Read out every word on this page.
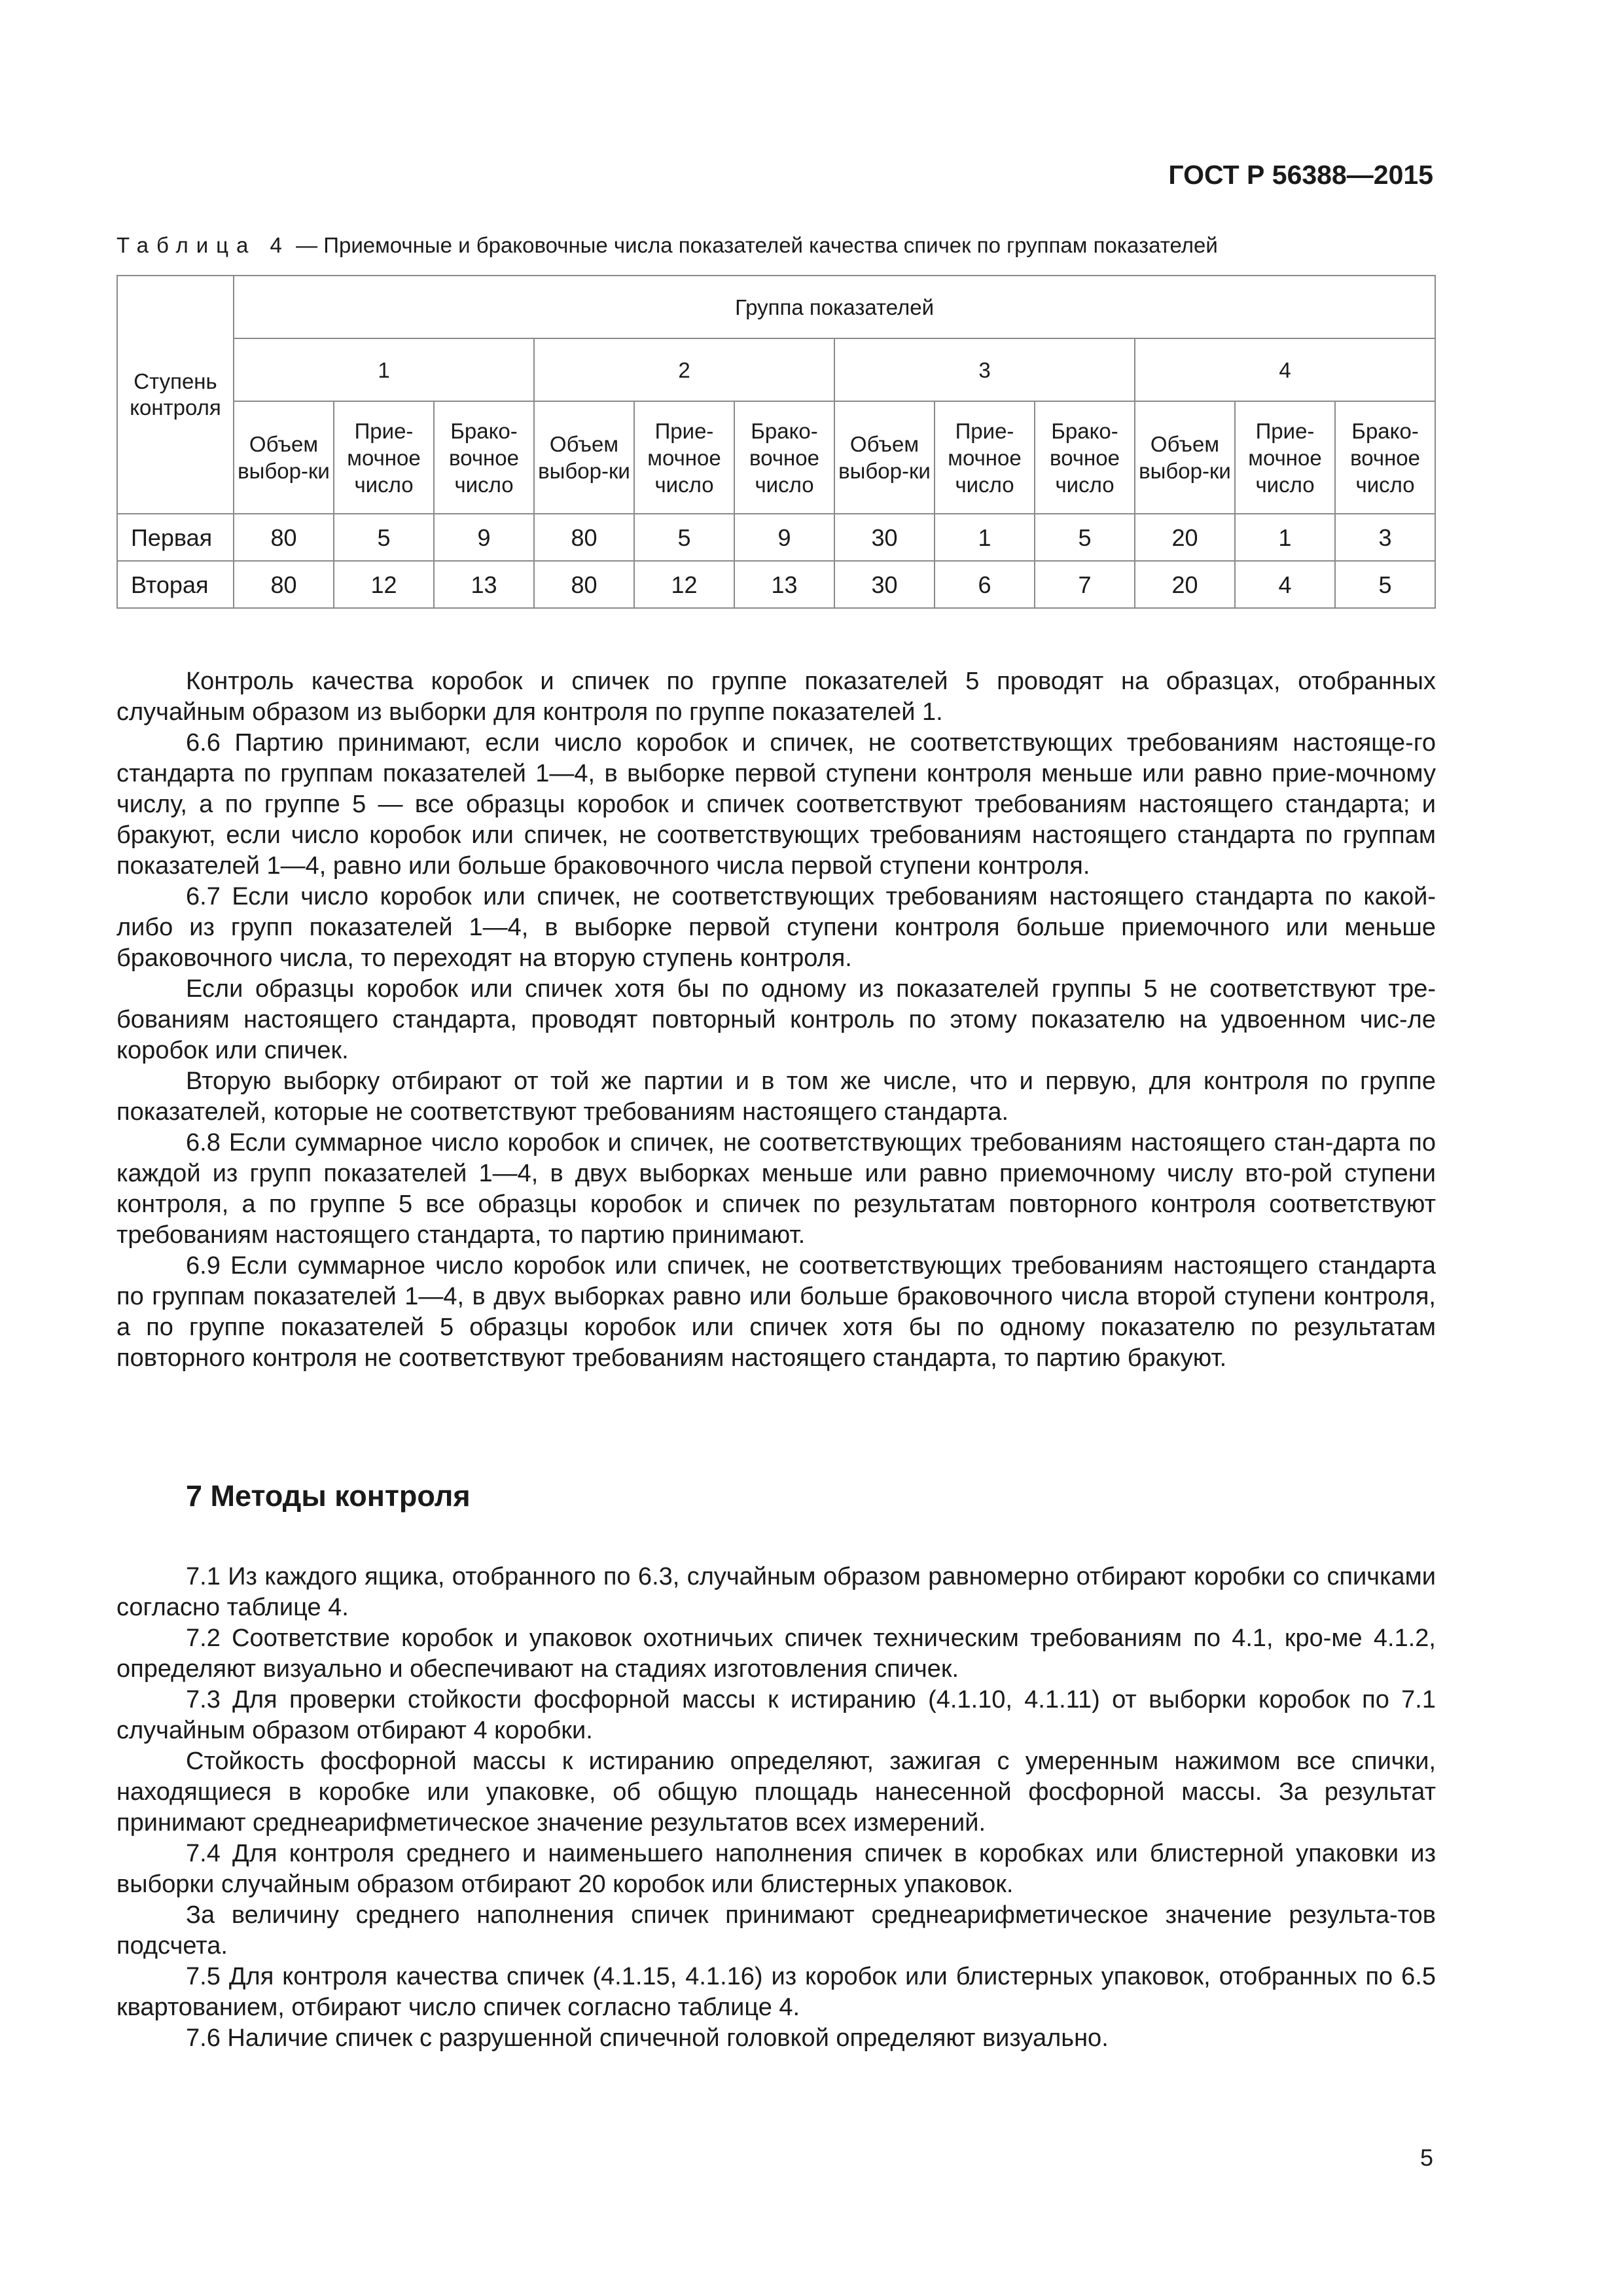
ГОСТ Р 56388—2015
Таблица 4 — Приемочные и браковочные числа показателей качества спичек по группам показателей
Ступень контроля	Группа показателей											
	1			2			3			4		
	Объем выбор-ки	Прие-мочное число	Брако-вочное число	Объем выбор-ки	Прие-мочное число	Брако-вочное число	Объем выбор-ки	Прие-мочное число	Брако-вочное число	Объем выбор-ки	Прие-мочное число	Брако-вочное число
Первая	80	5	9	80	5	9	30	1	5	20	1	3
Вторая	80	12	13	80	12	13	30	6	7	20	4	5

Контроль качества коробок и спичек по группе показателей 5 проводят на образцах, отобранных случайным образом из выборки для контроля по группе показателей 1.

6.6 Партию принимают, если число коробок и спичек, не соответствующих требованиям настояще-го стандарта по группам показателей 1—4, в выборке первой ступени контроля меньше или равно прие-мочному числу, а по группе 5 — все образцы коробок и спичек соответствуют требованиям настоящего стандарта; и бракуют, если число коробок или спичек, не соответствующих требованиям настоящего стандарта по группам показателей 1—4, равно или больше браковочного числа первой ступени контроля.

6.7 Если число коробок или спичек, не соответствующих требованиям настоящего стандарта по какой-либо из групп показателей 1—4, в выборке первой ступени контроля больше приемочного или меньше браковочного числа, то переходят на вторую ступень контроля.

Если образцы коробок или спичек хотя бы по одному из показателей группы 5 не соответствуют тре-бованиям настоящего стандарта, проводят повторный контроль по этому показателю на удвоенном чис-ле коробок или спичек.

Вторую выборку отбирают от той же партии и в том же числе, что и первую, для контроля по группе показателей, которые не соответствуют требованиям настоящего стандарта.

6.8 Если суммарное число коробок и спичек, не соответствующих требованиям настоящего стан-дарта по каждой из групп показателей 1—4, в двух выборках меньше или равно приемочному числу вто-рой ступени контроля, а по группе 5 все образцы коробок и спичек по результатам повторного контроля соответствуют требованиям настоящего стандарта, то партию принимают.

6.9 Если суммарное число коробок или спичек, не соответствующих требованиям настоящего стандарта по группам показателей 1—4, в двух выборках равно или больше браковочного числа второй ступени контроля, а по группе показателей 5 образцы коробок или спичек хотя бы по одному показателю по результатам повторного контроля не соответствуют требованиям настоящего стандарта, то партию бракуют.

7 Методы контроля

7.1 Из каждого ящика, отобранного по 6.3, случайным образом равномерно отбирают коробки со спичками согласно таблице 4.

7.2 Соответствие коробок и упаковок охотничьих спичек техническим требованиям по 4.1, кро-ме 4.1.2, определяют визуально и обеспечивают на стадиях изготовления спичек.

7.3 Для проверки стойкости фосфорной массы к истиранию (4.1.10, 4.1.11) от выборки коробок по 7.1 случайным образом отбирают 4 коробки.

Стойкость фосфорной массы к истиранию определяют, зажигая с умеренным нажимом все спички, находящиеся в коробке или упаковке, об общую площадь нанесенной фосфорной массы. За результат принимают среднеарифметическое значение результатов всех измерений.

7.4 Для контроля среднего и наименьшего наполнения спичек в коробках или блистерной упаковки из выборки случайным образом отбирают 20 коробок или блистерных упаковок.

За величину среднего наполнения спичек принимают среднеарифметическое значение результа-тов подсчета.

7.5 Для контроля качества спичек (4.1.15, 4.1.16) из коробок или блистерных упаковок, отобранных по 6.5 квартованием, отбирают число спичек согласно таблице 4.

7.6 Наличие спичек с разрушенной спичечной головкой определяют визуально.

5
